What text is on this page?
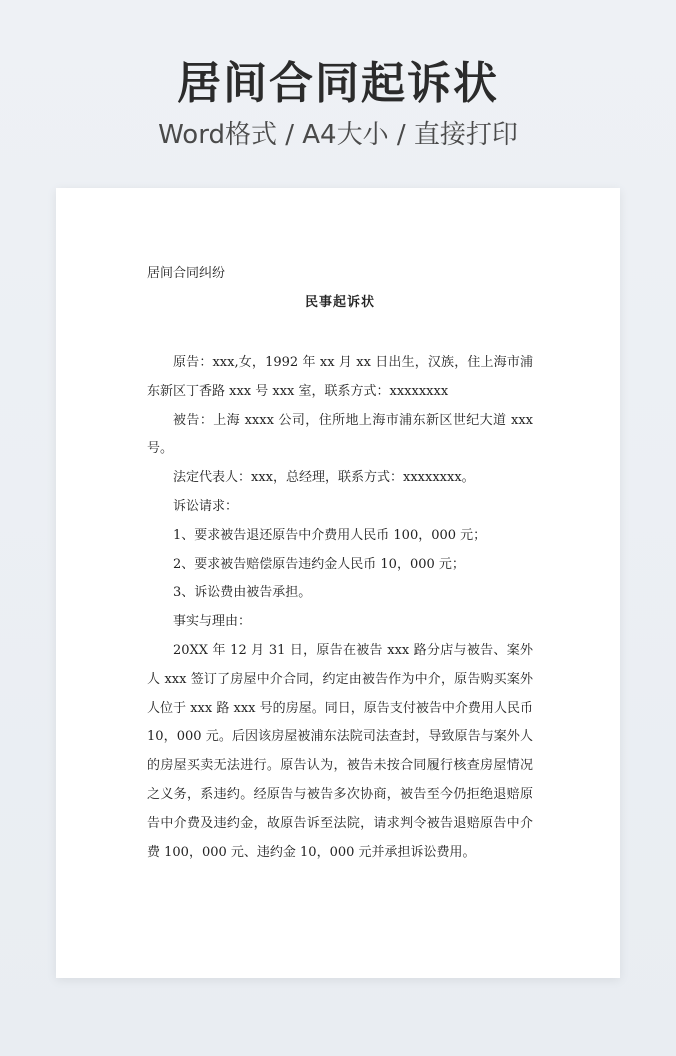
居间合同起诉状
Word格式 / A4大小 / 直接打印
居间合同纠纷
民事起诉状

原告：xxx,女，1992 年 xx 月 xx 日出生，汉族，住上海市浦东新区丁香路 xxx 号 xxx 室，联系方式：xxxxxxxx

被告：上海 xxxx 公司，住所地上海市浦东新区世纪大道 xxx 号。

法定代表人：xxx，总经理，联系方式：xxxxxxxx。

诉讼请求：

1、要求被告退还原告中介费用人民币 100，000 元；

2、要求被告赔偿原告违约金人民币 10，000 元；

3、诉讼费由被告承担。

事实与理由：

20XX 年 12 月 31 日，原告在被告 xxx 路分店与被告、案外人 xxx 签订了房屋中介合同，约定由被告作为中介，原告购买案外人位于 xxx 路 xxx 号的房屋。同日，原告支付被告中介费用人民币 10，000 元。后因该房屋被浦东法院司法查封，导致原告与案外人的房屋买卖无法进行。原告认为，被告未按合同履行核查房屋情况之义务，系违约。经原告与被告多次协商，被告至今仍拒绝退赔原告中介费及违约金，故原告诉至法院，请求判令被告退赔原告中介费 100，000 元、违约金 10，000 元并承担诉讼费用。
